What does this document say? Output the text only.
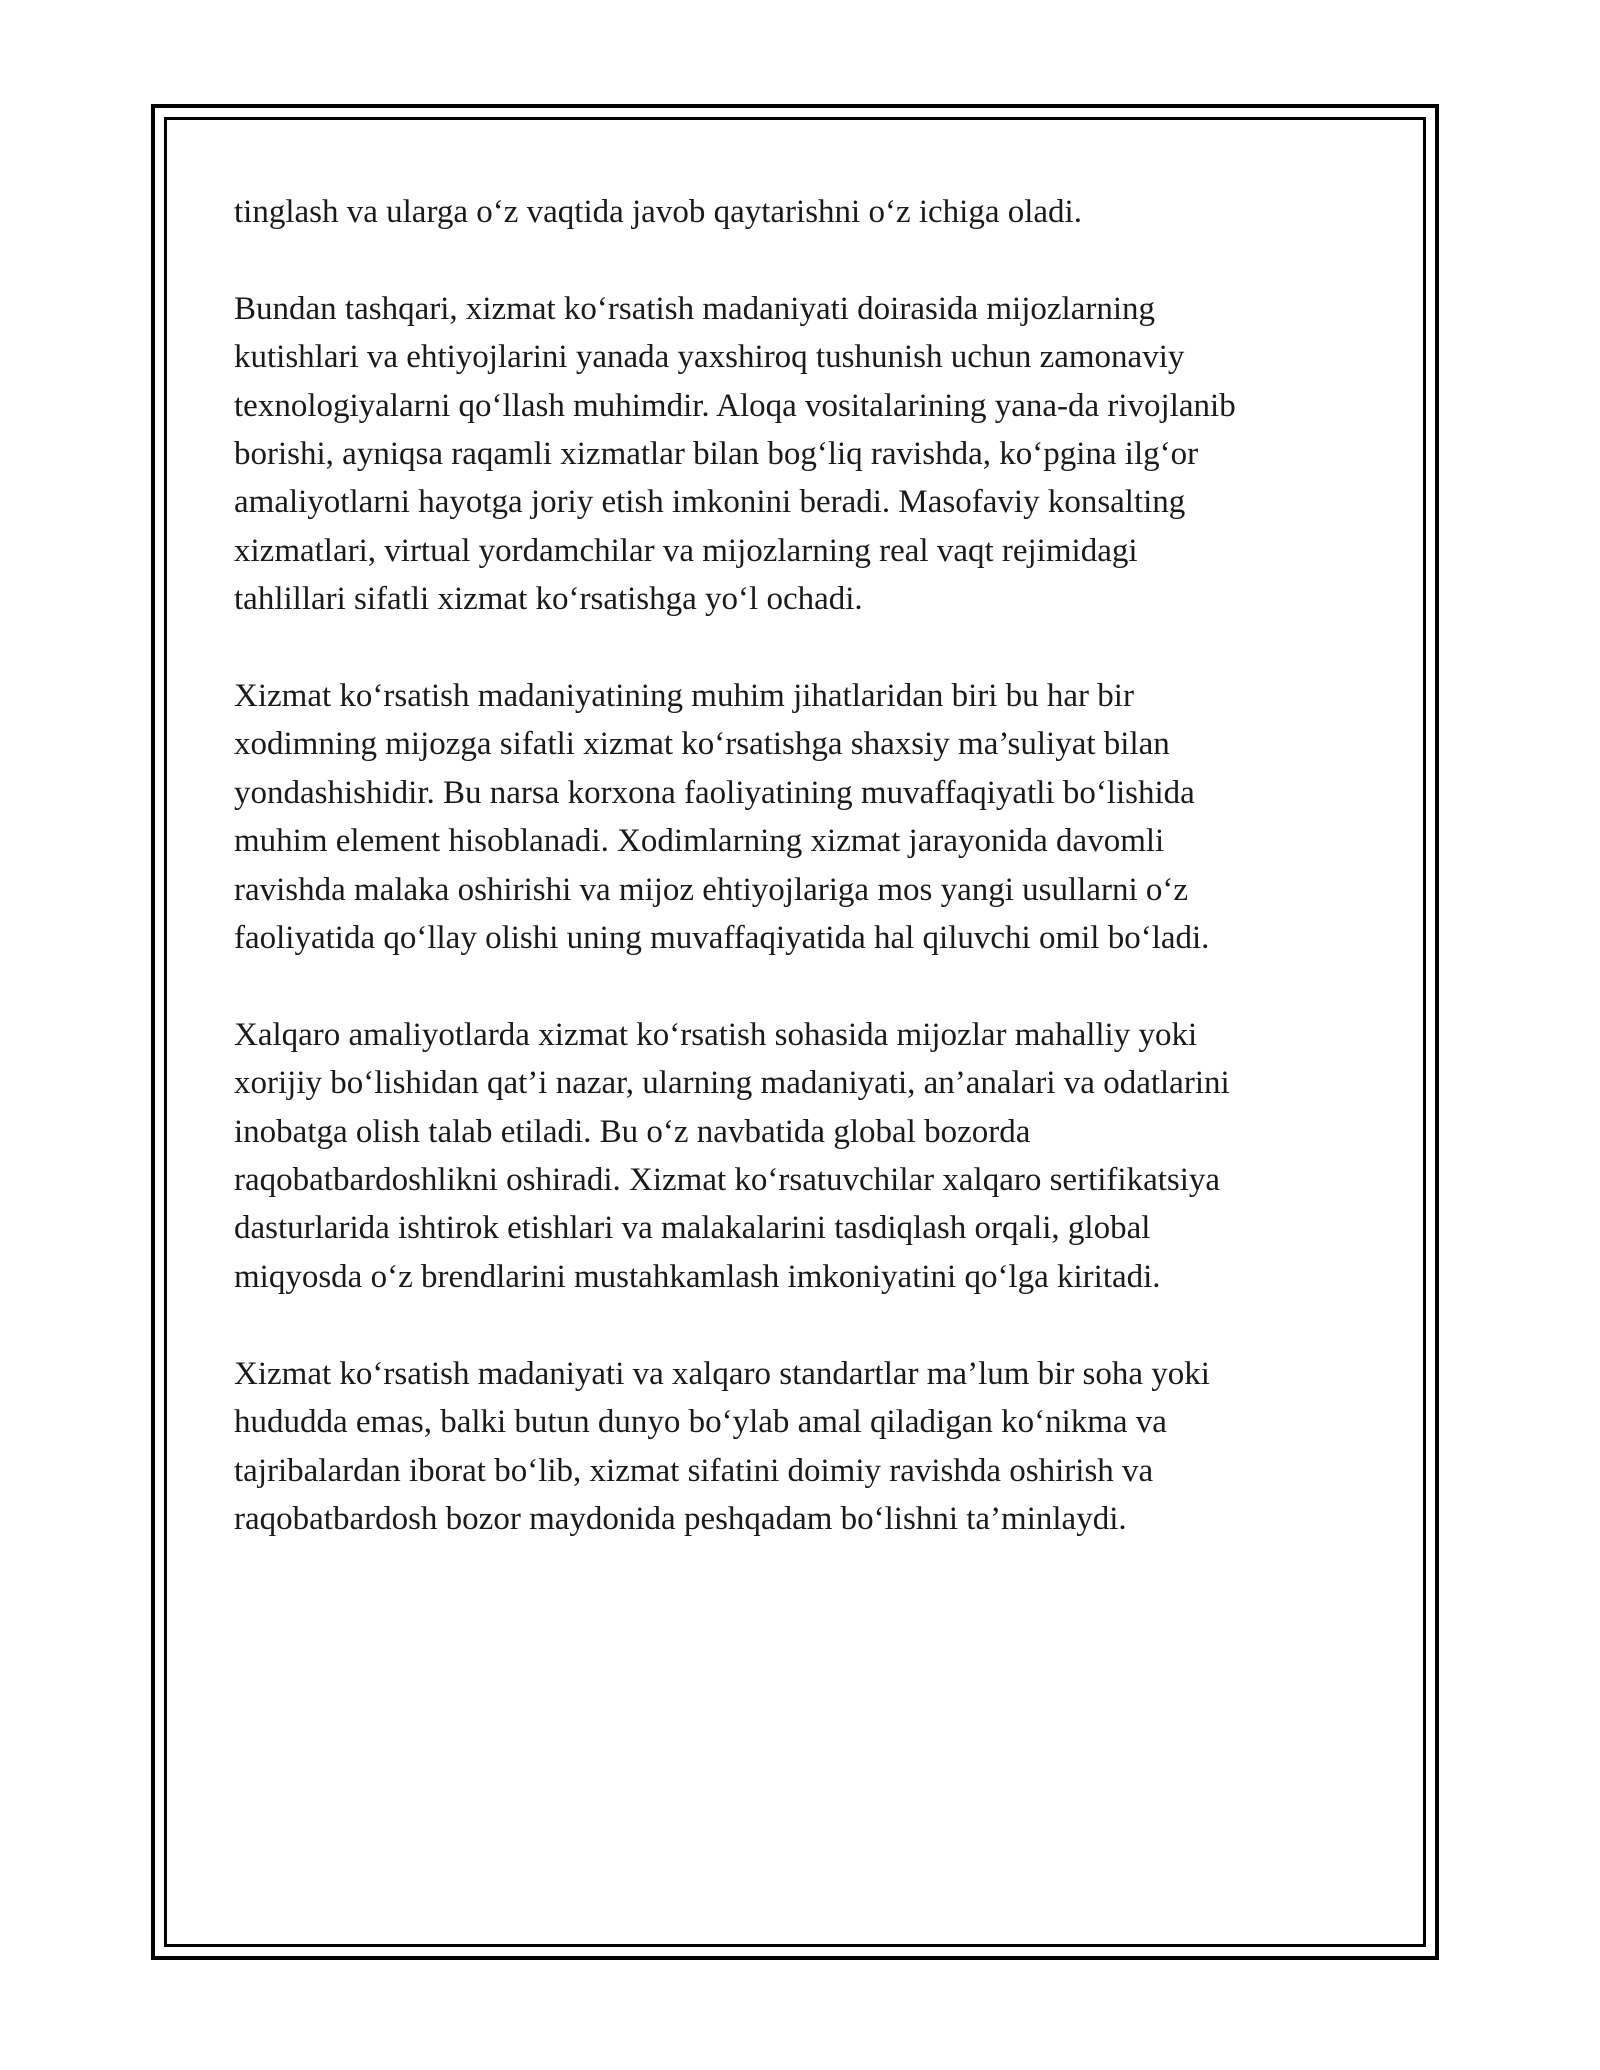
tinglash va ularga o‘z vaqtida javob qaytarishni o‘z ichiga oladi.

Bundan tashqari, xizmat ko‘rsatish madaniyati doirasida mijozlarning
kutishlari va ehtiyojlarini yanada yaxshiroq tushunish uchun zamonaviy
texnologiyalarni qo‘llash muhimdir. Aloqa vositalarining yana-da rivojlanib
borishi, ayniqsa raqamli xizmatlar bilan bog‘liq ravishda, ko‘pgina ilg‘or
amaliyotlarni hayotga joriy etish imkonini beradi. Masofaviy konsalting
xizmatlari, virtual yordamchilar va mijozlarning real vaqt rejimidagi
tahlillari sifatli xizmat ko‘rsatishga yo‘l ochadi.

Xizmat ko‘rsatish madaniyatining muhim jihatlaridan biri bu har bir
xodimning mijozga sifatli xizmat ko‘rsatishga shaxsiy ma’suliyat bilan
yondashishidir. Bu narsa korxona faoliyatining muvaffaqiyatli bo‘lishida
muhim element hisoblanadi. Xodimlarning xizmat jarayonida davomli
ravishda malaka oshirishi va mijoz ehtiyojlariga mos yangi usullarni o‘z
faoliyatida qo‘llay olishi uning muvaffaqiyatida hal qiluvchi omil bo‘ladi.

Xalqaro amaliyotlarda xizmat ko‘rsatish sohasida mijozlar mahalliy yoki
xorijiy bo‘lishidan qat’i nazar, ularning madaniyati, an’analari va odatlarini
inobatga olish talab etiladi. Bu o‘z navbatida global bozorda
raqobatbardoshlikni oshiradi. Xizmat ko‘rsatuvchilar xalqaro sertifikatsiya
dasturlarida ishtirok etishlari va malakalarini tasdiqlash orqali, global
miqyosda o‘z brendlarini mustahkamlash imkoniyatini qo‘lga kiritadi.

Xizmat ko‘rsatish madaniyati va xalqaro standartlar ma’lum bir soha yoki
hududda emas, balki butun dunyo bo‘ylab amal qiladigan ko‘nikma va
tajribalardan iborat bo‘lib, xizmat sifatini doimiy ravishda oshirish va
raqobatbardosh bozor maydonida peshqadam bo‘lishni ta’minlaydi.
